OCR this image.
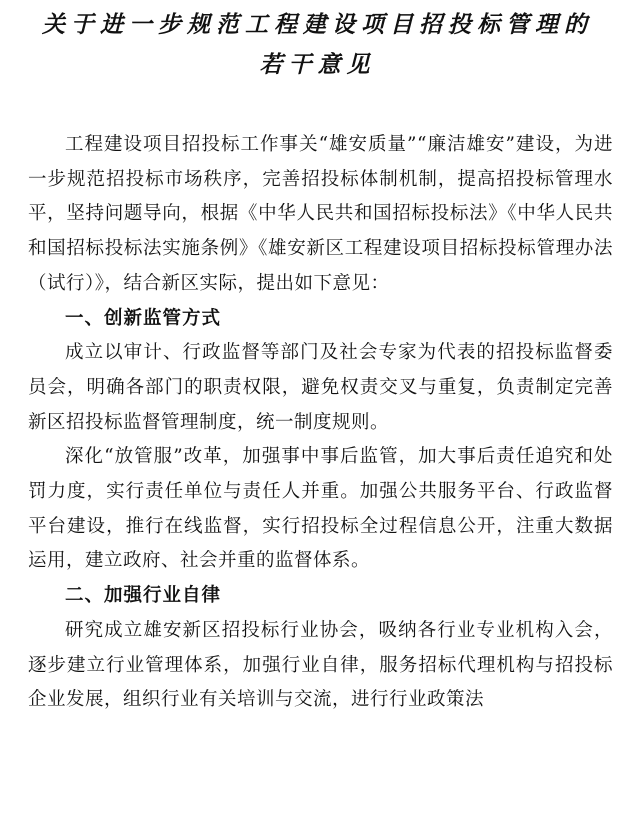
关于进一步规范工程建设项目招投标管理的
若干意见

工程建设项目招投标工作事关“雄安质量”“廉洁雄安”建设，为进一步规范招投标市场秩序，完善招投标体制机制，提高招投标管理水平，坚持问题导向，根据《中华人民共和国招标投标法》《中华人民共和国招标投标法实施条例》《雄安新区工程建设项目招标投标管理办法（试行）》，结合新区实际，提出如下意见：

一、创新监管方式

成立以审计、行政监督等部门及社会专家为代表的招投标监督委员会，明确各部门的职责权限，避免权责交叉与重复，负责制定完善新区招投标监督管理制度，统一制度规则。

深化“放管服”改革，加强事中事后监管，加大事后责任追究和处罚力度，实行责任单位与责任人并重。加强公共服务平台、行政监督平台建设，推行在线监督，实行招投标全过程信息公开，注重大数据运用，建立政府、社会并重的监督体系。

二、加强行业自律

研究成立雄安新区招投标行业协会，吸纳各行业专业机构入会，逐步建立行业管理体系，加强行业自律，服务招标代理机构与招投标企业发展，组织行业有关培训与交流，进行行业政策法
